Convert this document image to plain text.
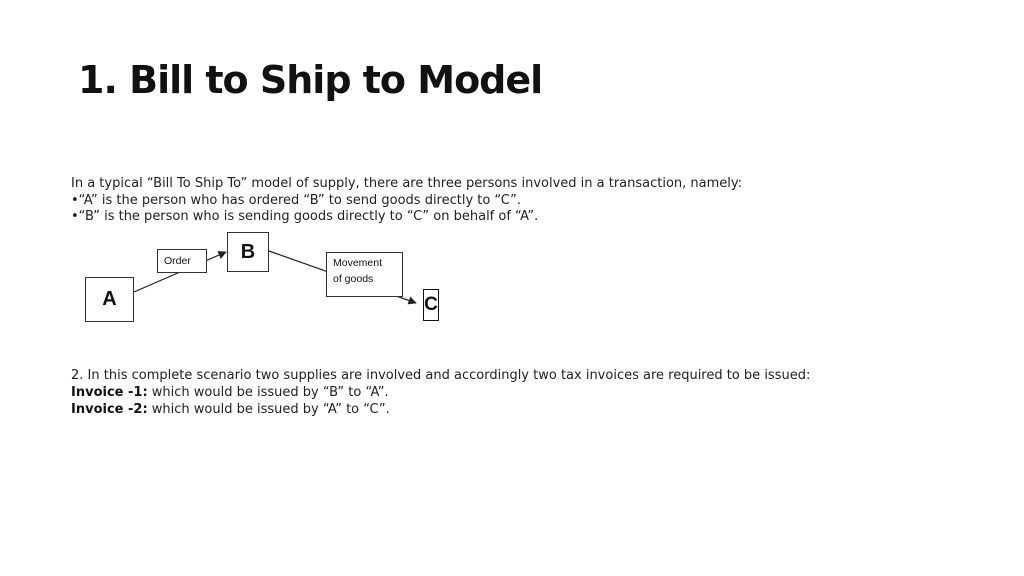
1. Bill to Ship to Model
In a typical “Bill To Ship To” model of supply, there are three persons involved in a transaction, namely:
•“A” is the person who has ordered “B” to send goods directly to “C”.
•“B” is the person who is sending goods directly to “C” on behalf of “A”.
A
B
C
Order	Movement
of goods
2. In this complete scenario two supplies are involved and accordingly two tax invoices are required to be issued:
Invoice -1: which would be issued by “B” to “A”.
Invoice -2: which would be issued by “A” to “C”.
